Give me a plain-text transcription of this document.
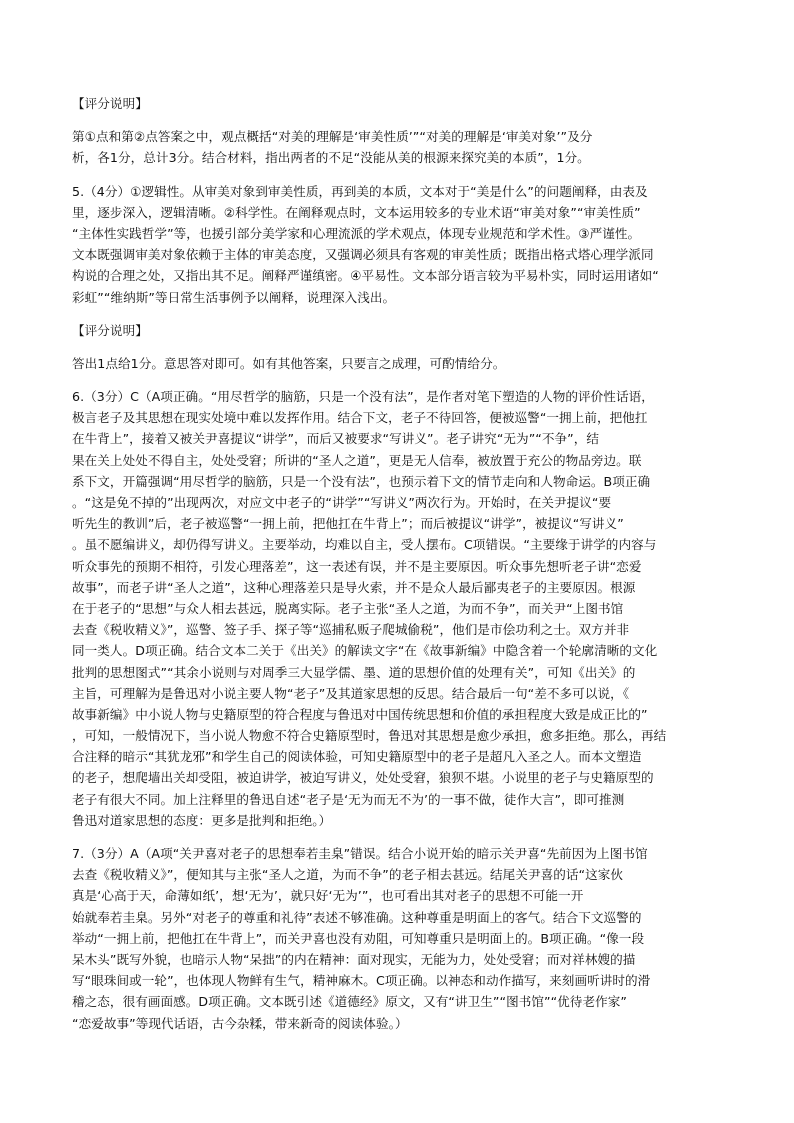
【评分说明】
第①点和第②点答案之中，观点概括“对美的理解是‘审美性质’”“对美的理解是‘审美对象’”及分
析，各1分，总计3分。结合材料，指出两者的不足“没能从美的根源来探究美的本质”，1分。
5.（4分）①逻辑性。从审美对象到审美性质，再到美的本质，文本对于“美是什么”的问题阐释，由表及
里，逐步深入，逻辑清晰。②科学性。在阐释观点时，文本运用较多的专业术语“审美对象”“审美性质”
“主体性实践哲学”等，也援引部分美学家和心理流派的学术观点，体现专业规范和学术性。③严谨性。
文本既强调审美对象依赖于主体的审美态度，又强调必须具有客观的审美性质；既指出格式塔心理学派同
构说的合理之处，又指出其不足。阐释严谨缜密。④平易性。文本部分语言较为平易朴实，同时运用诸如“
彩虹”“维纳斯”等日常生活事例予以阐释，说理深入浅出。
【评分说明】
答出1点给1分。意思答对即可。如有其他答案，只要言之成理，可酌情给分。
6.（3分）C（A项正确。“用尽哲学的脑筋，只是一个没有法”，是作者对笔下塑造的人物的评价性话语，
极言老子及其思想在现实处境中难以发挥作用。结合下文，老子不待回答，便被巡警“一拥上前，把他扛
在牛背上”，接着又被关尹喜提议“讲学”，而后又被要求“写讲义”。老子讲究“无为”“不争”，结
果在关上处处不得自主，处处受窘；所讲的“圣人之道”，更是无人信奉，被放置于充公的物品旁边。联
系下文，开篇强调“用尽哲学的脑筋，只是一个没有法”，也预示着下文的情节走向和人物命运。B项正确
。“这是免不掉的”出现两次，对应文中老子的“讲学”“写讲义”两次行为。开始时，在关尹提议“要
听先生的教训”后，老子被巡警“一拥上前，把他扛在牛背上”；而后被提议“讲学”，被提议“写讲义”
。虽不愿编讲义，却仍得写讲义。主要举动，均难以自主，受人摆布。C项错误。“主要缘于讲学的内容与
听众事先的预期不相符，引发心理落差”，这一表述有误，并不是主要原因。听众事先想听老子讲“恋爱
故事”，而老子讲“圣人之道”，这种心理落差只是导火索，并不是众人最后鄙夷老子的主要原因。根源
在于老子的“思想”与众人相去甚远，脱离实际。老子主张“圣人之道，为而不争”，而关尹“上图书馆
去查《税收精义》”，巡警、签子手、探子等“巡捕私贩子爬城偷税”，他们是市侩功利之士。双方并非
同一类人。D项正确。结合文本二关于《出关》的解读文字“在《故事新编》中隐含着一个轮廓清晰的文化
批判的思想图式”“其余小说则与对周季三大显学儒、墨、道的思想价值的处理有关”，可知《出关》的
主旨，可理解为是鲁迅对小说主要人物“老子”及其道家思想的反思。结合最后一句“差不多可以说，《
故事新编》中小说人物与史籍原型的符合程度与鲁迅对中国传统思想和价值的承担程度大致是成正比的”
，可知，一般情况下，当小说人物愈不符合史籍原型时，鲁迅对其思想是愈少承担，愈多拒绝。那么，再结
合注释的暗示“其犹龙邪”和学生自己的阅读体验，可知史籍原型中的老子是超凡入圣之人。而本文塑造
的老子，想爬墙出关却受阻，被迫讲学，被迫写讲义，处处受窘，狼狈不堪。小说里的老子与史籍原型的
老子有很大不同。加上注释里的鲁迅自述“老子是‘无为而无不为’的一事不做，徒作大言”，即可推测
鲁迅对道家思想的态度：更多是批判和拒绝。）
7.（3分）A（A项“关尹喜对老子的思想奉若圭臬”错误。结合小说开始的暗示关尹喜“先前因为上图书馆
去查《税收精义》”，便知其与主张“圣人之道，为而不争”的老子相去甚远。结尾关尹喜的话“这家伙
真是‘心高于天，命薄如纸’，想‘无为’，就只好‘无为’”，也可看出其对老子的思想不可能一开
始就奉若圭臬。另外“对老子的尊重和礼待”表述不够准确。这种尊重是明面上的客气。结合下文巡警的
举动“一拥上前，把他扛在牛背上”，而关尹喜也没有劝阻，可知尊重只是明面上的。B项正确。“像一段
呆木头”既写外貌，也暗示人物“呆拙”的内在精神：面对现实，无能为力，处处受窘；而对祥林嫂的描
写“眼珠间或一轮”，也体现人物鲜有生气，精神麻木。C项正确。以神态和动作描写，来刻画听讲时的滑
稽之态，很有画面感。D项正确。文本既引述《道德经》原文，又有“讲卫生”“图书馆”“优待老作家”
“恋爱故事”等现代话语，古今杂糅，带来新奇的阅读体验。）
